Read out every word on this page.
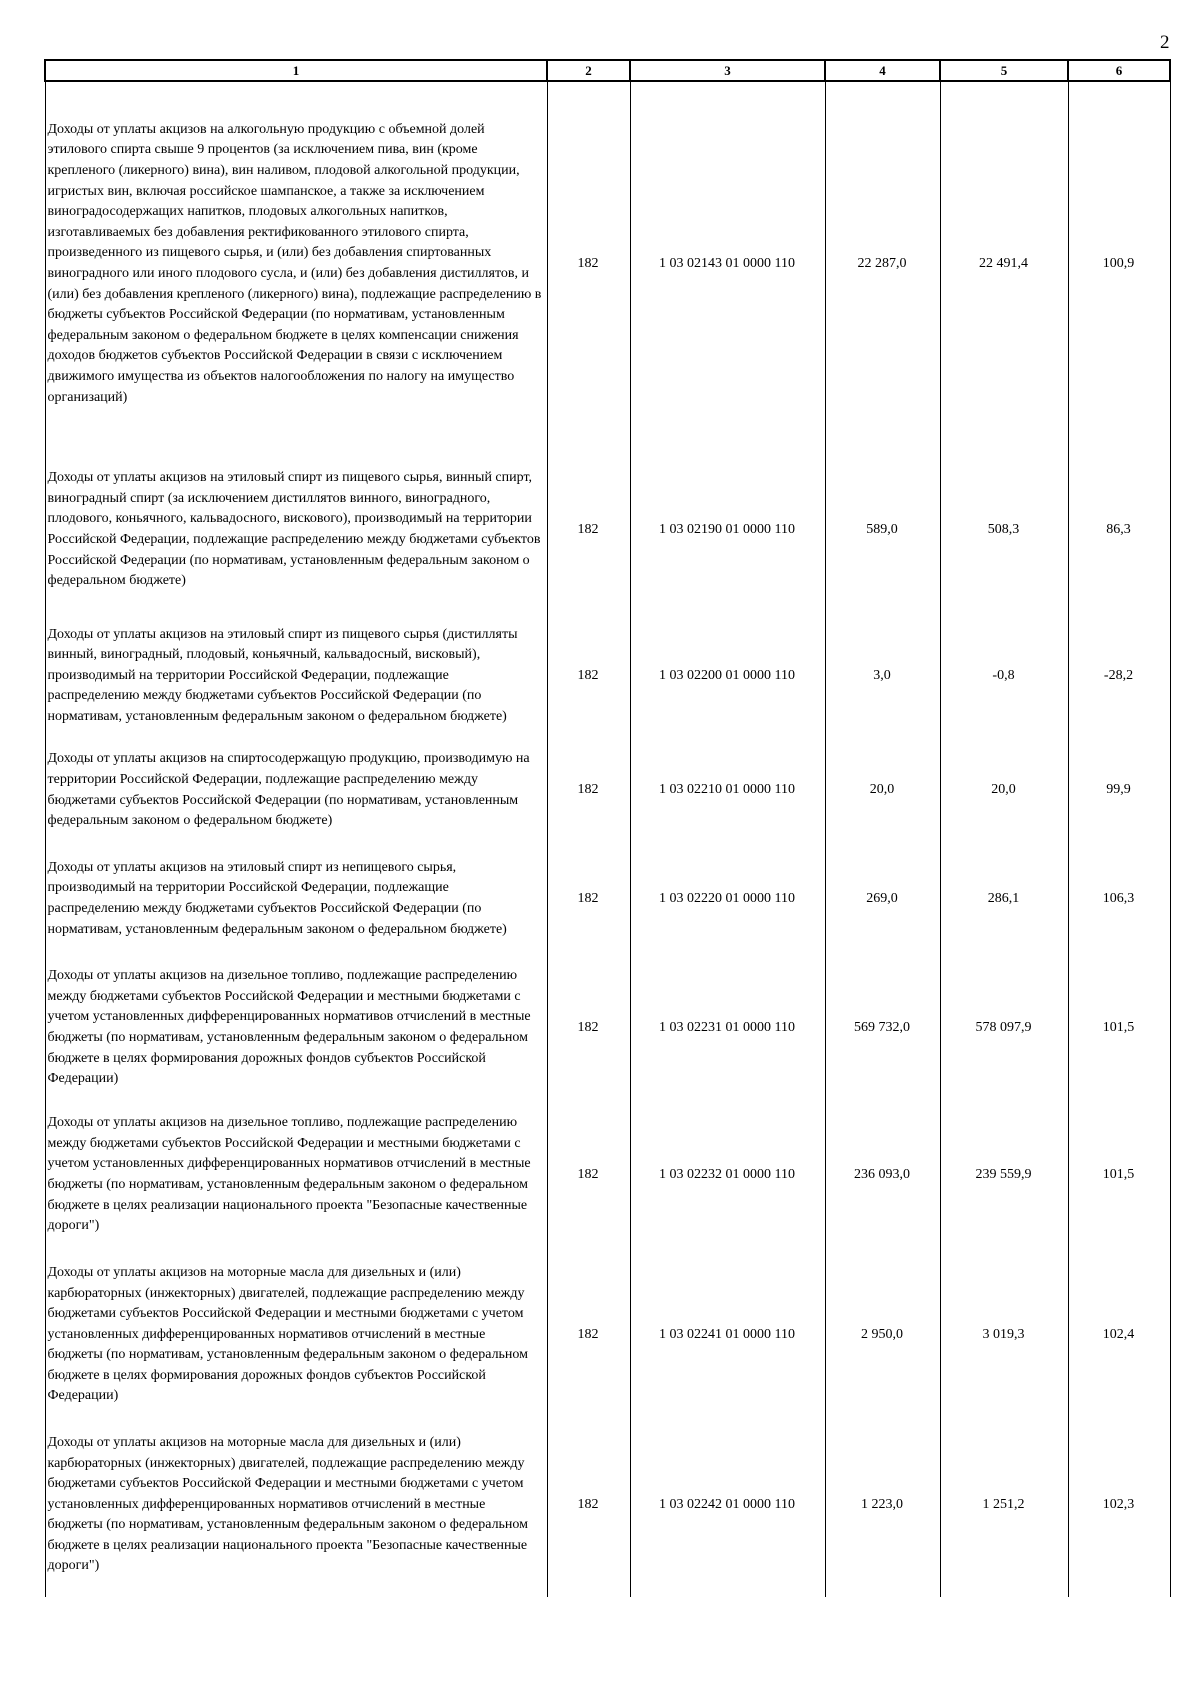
2
1	2	3	4	5	6
Доходы от уплаты акцизов на алкогольную продукцию с объемной долей этилового спирта свыше 9 процентов (за исключением пива, вин (кроме крепленого (ликерного) вина), вин наливом, плодовой алкогольной продукции, игристых вин, включая российское шампанское, а также за исключением виноградосодержащих напитков, плодовых алкогольных напитков, изготавливаемых без добавления ректификованного этилового спирта, произведенного из пищевого сырья, и (или) без добавления спиртованных виноградного или иного плодового сусла, и (или) без добавления дистиллятов, и (или) без добавления крепленого (ликерного) вина), подлежащие распределению в бюджеты субъектов Российской Федерации (по нормативам, установленным федеральным законом о федеральном бюджете в целях компенсации снижения доходов бюджетов субъектов Российской Федерации в связи с исключением движимого имущества из объектов налогообложения по налогу на имущество организаций)	182	1 03 02143 01 0000 110	22 287,0	22 491,4	100,9
Доходы от уплаты акцизов на этиловый спирт из пищевого сырья, винный спирт, виноградный спирт (за исключением дистиллятов винного, виноградного, плодового, коньячного, кальвадосного, вискового), производимый на территории Российской Федерации, подлежащие распределению между бюджетами субъектов Российской Федерации (по нормативам, установленным федеральным законом о федеральном бюджете)	182	1 03 02190 01 0000 110	589,0	508,3	86,3
Доходы от уплаты акцизов на этиловый спирт из пищевого сырья (дистилляты винный, виноградный, плодовый, коньячный, кальвадосный, висковый), производимый на территории Российской Федерации, подлежащие распределению между бюджетами субъектов Российской Федерации (по нормативам, установленным федеральным законом о федеральном бюджете)	182	1 03 02200 01 0000 110	3,0	-0,8	-28,2
Доходы от уплаты акцизов на спиртосодержащую продукцию, производимую на территории Российской Федерации, подлежащие распределению между бюджетами субъектов Российской Федерации (по нормативам, установленным федеральным законом о федеральном бюджете)	182	1 03 02210 01 0000 110	20,0	20,0	99,9
Доходы от уплаты акцизов на этиловый спирт из непищевого сырья, производимый на территории Российской Федерации, подлежащие распределению между бюджетами субъектов Российской Федерации (по нормативам, установленным федеральным законом о федеральном бюджете)	182	1 03 02220 01 0000 110	269,0	286,1	106,3
Доходы от уплаты акцизов на дизельное топливо, подлежащие распределению между бюджетами субъектов Российской Федерации и местными бюджетами с учетом установленных дифференцированных нормативов отчислений в местные бюджеты (по нормативам, установленным федеральным законом о федеральном бюджете в целях формирования дорожных фондов субъектов Российской Федерации)	182	1 03 02231 01 0000 110	569 732,0	578 097,9	101,5
Доходы от уплаты акцизов на дизельное топливо, подлежащие распределению между бюджетами субъектов Российской Федерации и местными бюджетами с учетом установленных дифференцированных нормативов отчислений в местные бюджеты (по нормативам, установленным федеральным законом о федеральном бюджете в целях реализации национального проекта "Безопасные качественные дороги")	182	1 03 02232 01 0000 110	236 093,0	239 559,9	101,5
Доходы от уплаты акцизов на моторные масла для дизельных и (или) карбюраторных (инжекторных) двигателей, подлежащие распределению между бюджетами субъектов Российской Федерации и местными бюджетами с учетом установленных дифференцированных нормативов отчислений в местные бюджеты (по нормативам, установленным федеральным законом о федеральном бюджете в целях формирования дорожных фондов субъектов Российской Федерации)	182	1 03 02241 01 0000 110	2 950,0	3 019,3	102,4
Доходы от уплаты акцизов на моторные масла для дизельных и (или) карбюраторных (инжекторных) двигателей, подлежащие распределению между бюджетами субъектов Российской Федерации и местными бюджетами с учетом установленных дифференцированных нормативов отчислений в местные бюджеты (по нормативам, установленным федеральным законом о федеральном бюджете в целях реализации национального проекта "Безопасные качественные дороги")	182	1 03 02242 01 0000 110	1 223,0	1 251,2	102,3
